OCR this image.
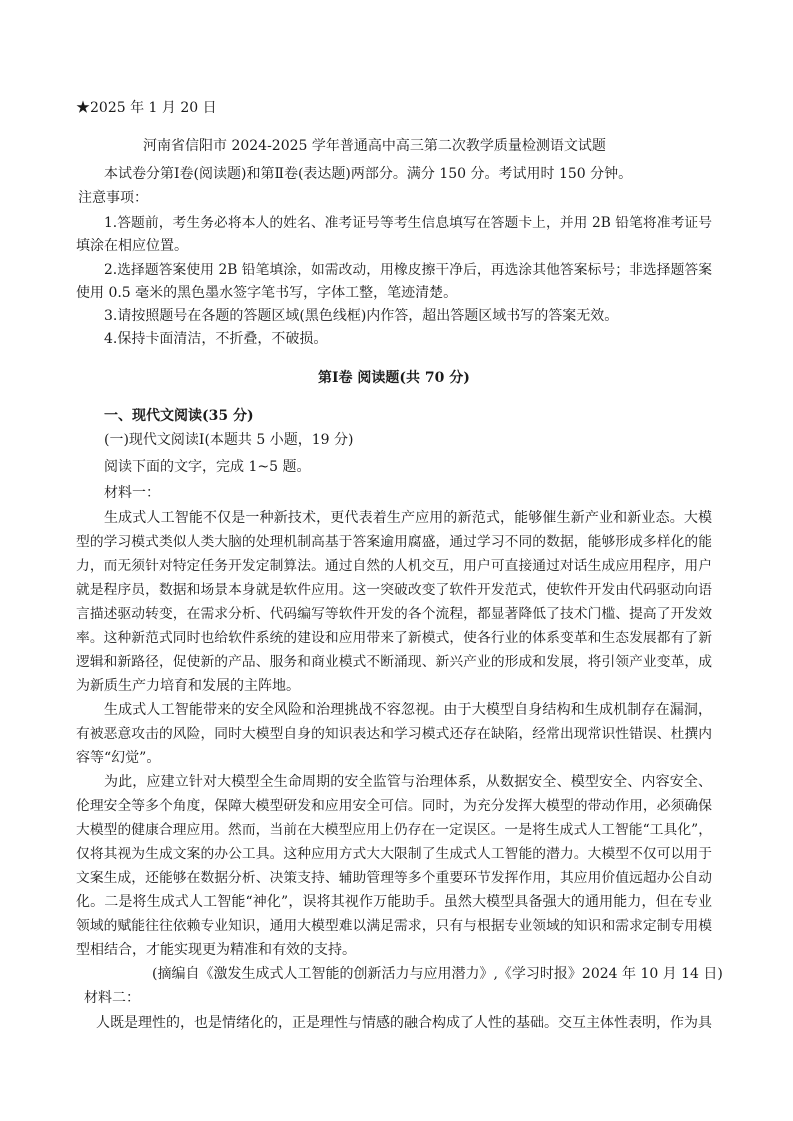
★2025 年 1 月 20 日
河南省信阳市 2024-2025 学年普通高中高三第二次教学质量检测语文试题
本试卷分第Ⅰ卷(阅读题)和第Ⅱ卷(表达题)两部分。满分 150 分。考试用时 150 分钟。
注意事项：
1.答题前，考生务必将本人的姓名、准考证号等考生信息填写在答题卡上，并用 2B 铅笔将准考证号
填涂在相应位置。
2.选择题答案使用 2B 铅笔填涂，如需改动，用橡皮擦干净后，再选涂其他答案标号；非选择题答案
使用 0.5 毫米的黑色墨水签字笔书写，字体工整，笔迹清楚。
3.请按照题号在各题的答题区域(黑色线框)内作答，超出答题区域书写的答案无效。
4.保持卡面清洁，不折叠，不破损。
第Ⅰ卷 阅读题(共 70 分)
一、现代文阅读(35 分)
(一)现代文阅读Ⅰ(本题共 5 小题，19 分)
阅读下面的文字，完成 1~5 题。
材料一：
生成式人工智能不仅是一种新技术，更代表着生产应用的新范式，能够催生新产业和新业态。大模
型的学习模式类似人类大脑的处理机制高基于答案逾用腐盛，通过学习不同的数据，能够形成多样化的能
力，而无须针对特定任务开发定制算法。通过自然的人机交互，用户可直接通过对话生成应用程序，用户
就是程序员，数据和场景本身就是软件应用。这一突破改变了软件开发范式，使软件开发由代码驱动向语
言描述驱动转变，在需求分析、代码编写等软件开发的各个流程，都显著降低了技术门槛、提高了开发效
率。这种新范式同时也给软件系统的建设和应用带来了新模式，使各行业的体系变革和生态发展都有了新
逻辑和新路径，促使新的产品、服务和商业模式不断涌现、新兴产业的形成和发展，将引领产业变革，成
为新质生产力培育和发展的主阵地。
生成式人工智能带来的安全风险和治理挑战不容忽视。由于大模型自身结构和生成机制存在漏洞，
有被恶意攻击的风险，同时大模型自身的知识表达和学习模式还存在缺陷，经常出现常识性错误、杜撰内
容等“幻觉”。
为此，应建立针对大模型全生命周期的安全监管与治理体系，从数据安全、模型安全、内容安全、
伦理安全等多个角度，保障大模型研发和应用安全可信。同时，为充分发挥大模型的带动作用，必须确保
大模型的健康合理应用。然而，当前在大模型应用上仍存在一定误区。一是将生成式人工智能“工具化”，
仅将其视为生成文案的办公工具。这种应用方式大大限制了生成式人工智能的潜力。大模型不仅可以用于
文案生成，还能够在数据分析、决策支持、辅助管理等多个重要环节发挥作用，其应用价值远超办公自动
化。二是将生成式人工智能“神化”，误将其视作万能助手。虽然大模型具备强大的通用能力，但在专业
领域的赋能往往依赖专业知识，通用大模型难以满足需求，只有与根据专业领域的知识和需求定制专用模
型相结合，才能实现更为精准和有效的支持。
(摘编自《激发生成式人工智能的创新活力与应用潜力》,《学习时报》2024 年 10 月 14 日)
材料二：
人既是理性的，也是情绪化的，正是理性与情感的融合构成了人性的基础。交互主体性表明，作为具
